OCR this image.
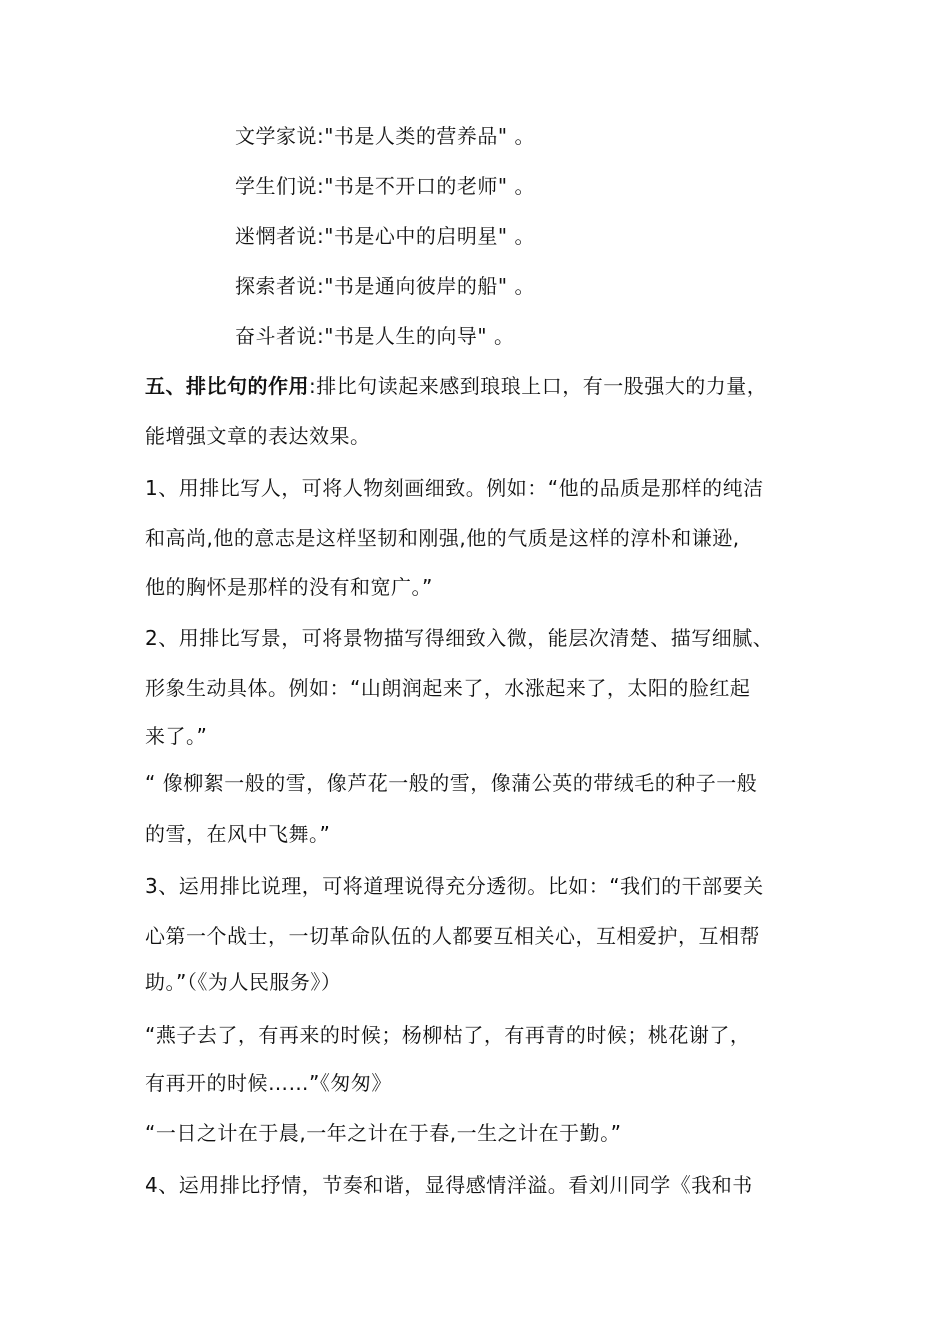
文学家说:"书是人类的营养品" 。
学生们说:"书是不开口的老师" 。
迷惘者说:"书是心中的启明星" 。
探索者说:"书是通向彼岸的船" 。
奋斗者说:"书是人生的向导" 。
五、排比句的作用:排比句读起来感到琅琅上口，有一股强大的力量，
能增强文章的表达效果。
1、用排比写人，可将人物刻画细致。例如：“他的品质是那样的纯洁
和高尚,他的意志是这样坚韧和刚强,他的气质是这样的淳朴和谦逊,
他的胸怀是那样的没有和宽广。”
2、用排比写景，可将景物描写得细致入微，能层次清楚、描写细腻、
形象生动具体。例如：“山朗润起来了，水涨起来了，太阳的脸红起
来了。”
“ 像柳絮一般的雪，像芦花一般的雪，像蒲公英的带绒毛的种子一般
的雪，在风中飞舞。”
3、运用排比说理，可将道理说得充分透彻。比如：“我们的干部要关
心第一个战士，一切革命队伍的人都要互相关心，互相爱护，互相帮
助。”（《为人民服务》）
“燕子去了，有再来的时候；杨柳枯了，有再青的时候；桃花谢了，
有再开的时候……”《匆匆》
“一日之计在于晨,一年之计在于春,一生之计在于勤。”
4、运用排比抒情，节奏和谐，显得感情洋溢。看刘川同学《我和书
